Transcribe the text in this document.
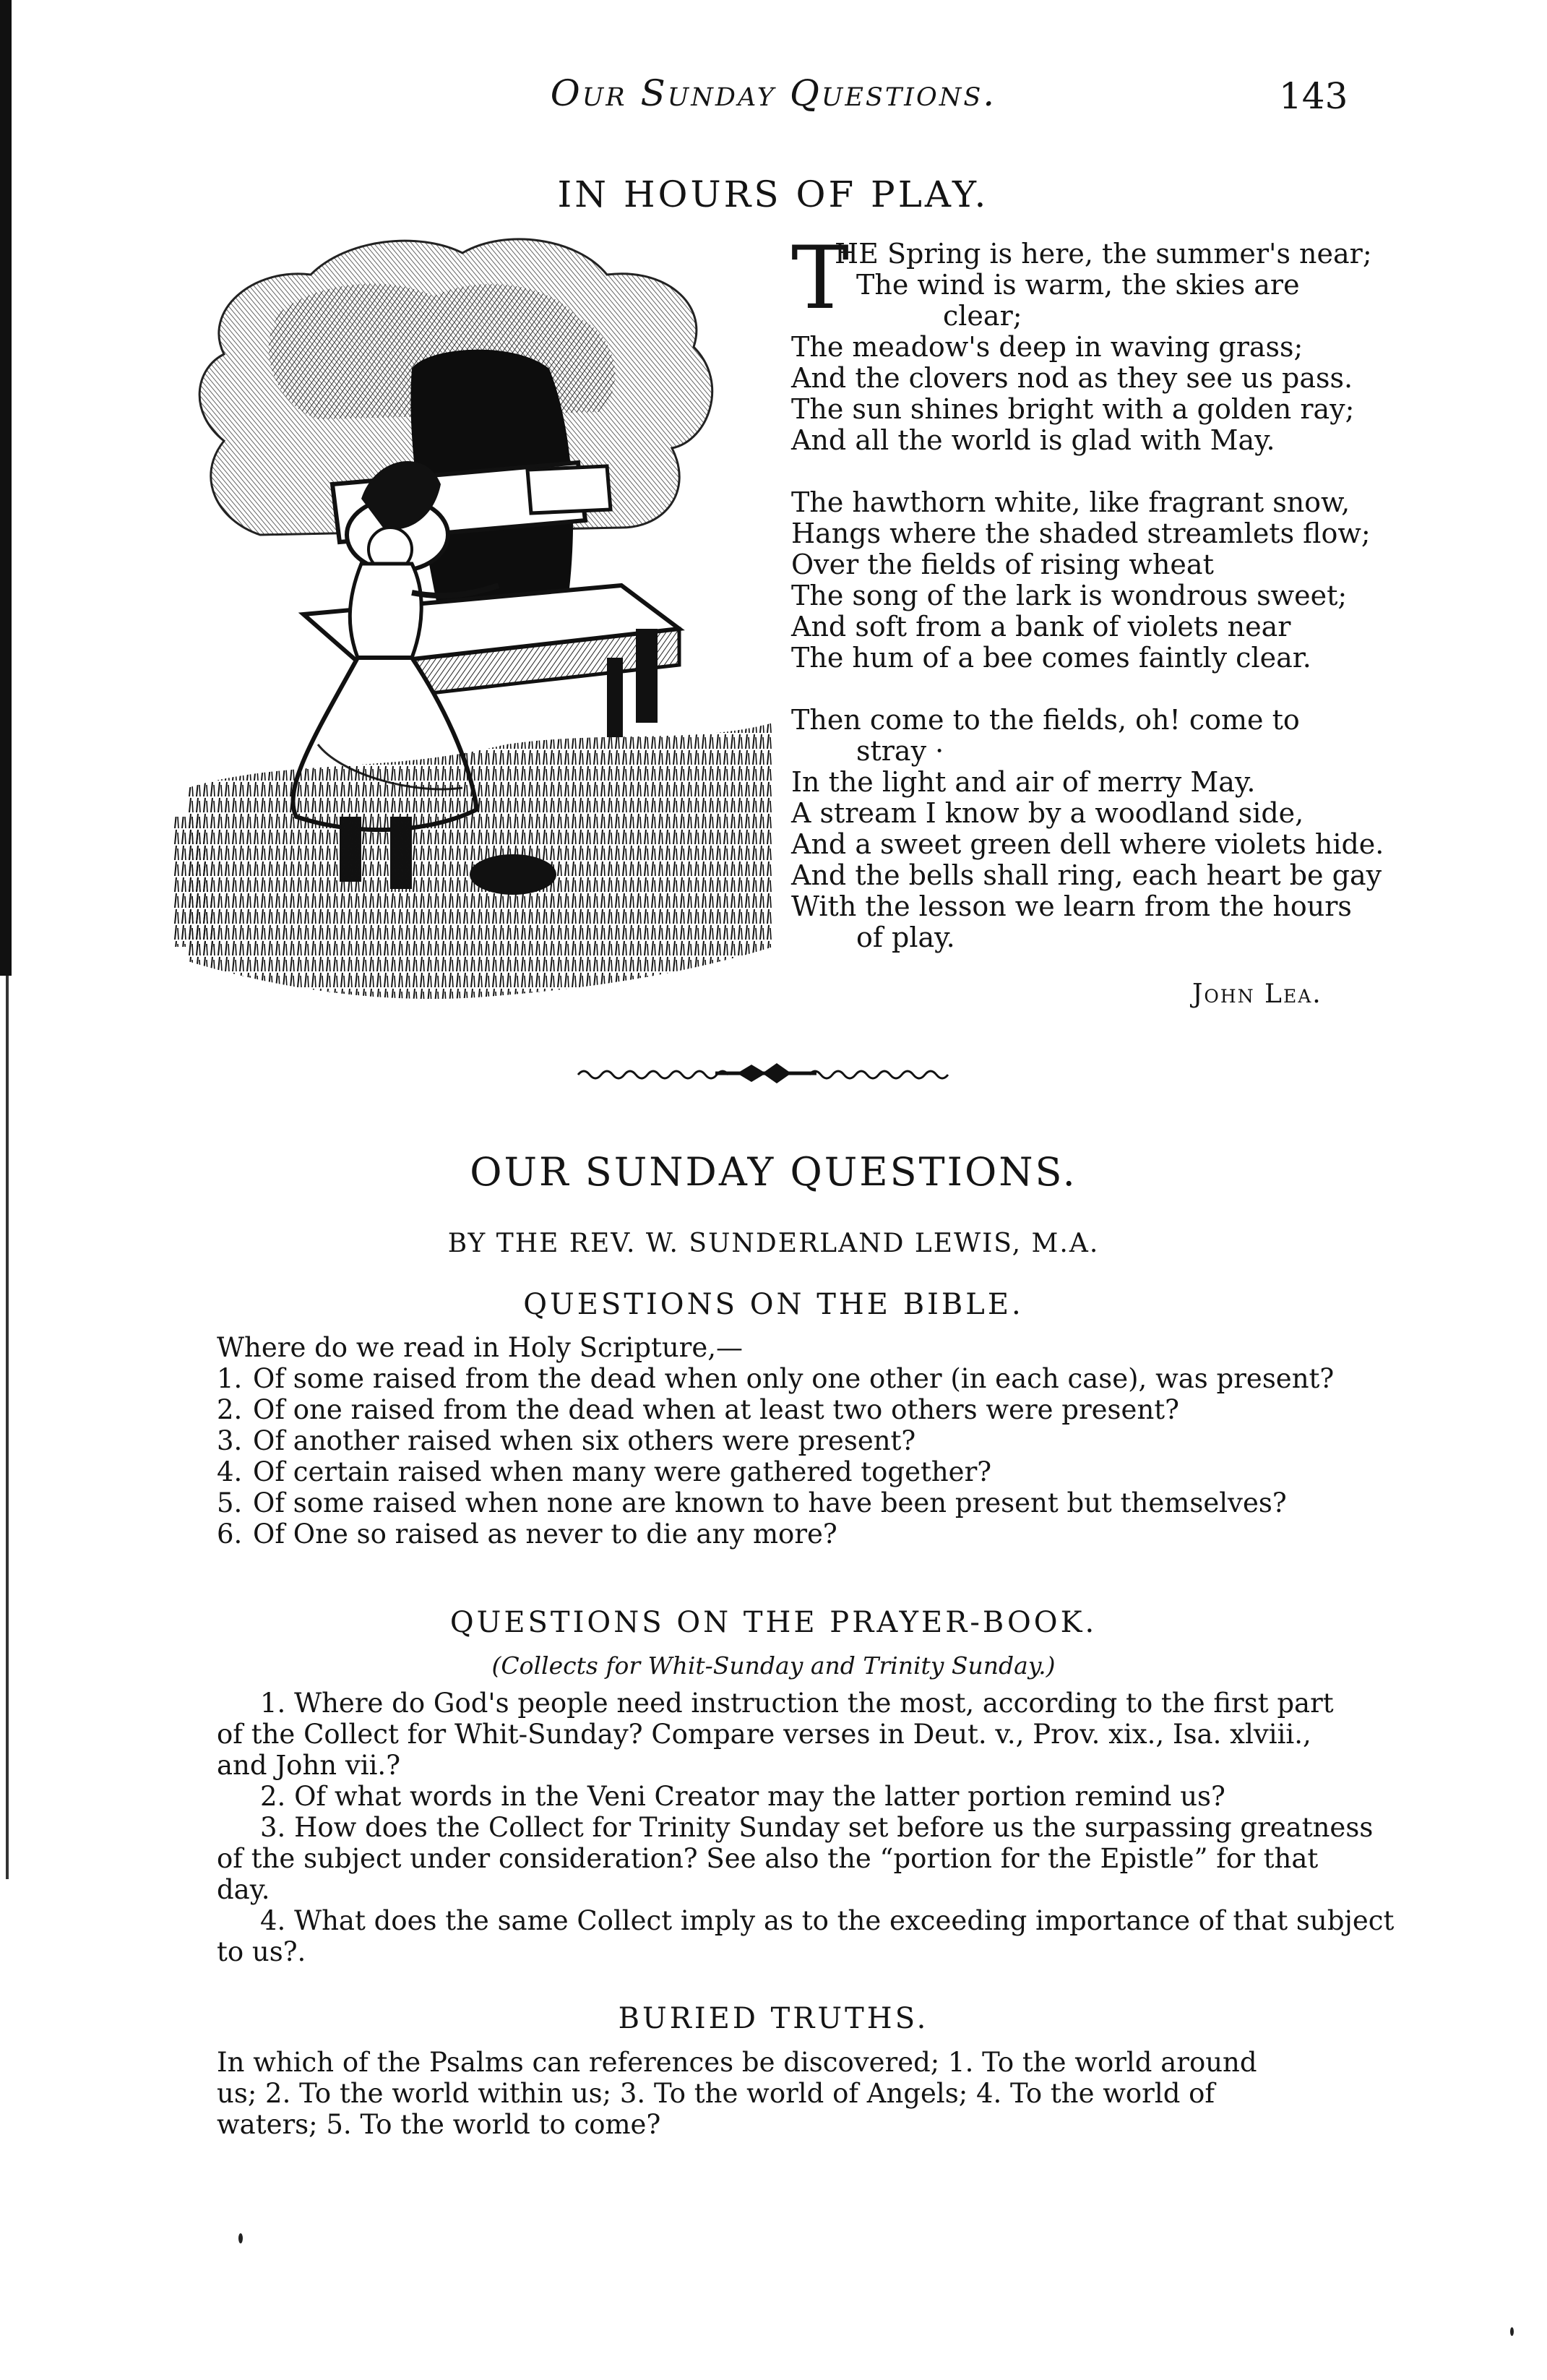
Our Sunday Questions.	143
IN HOURS OF PLAY.
T
HE Spring is here, the summer's near;
The wind is warm, the skies are
clear;
The meadow's deep in waving grass;
And the clovers nod as they see us pass.
The sun shines bright with a golden ray;
And all the world is glad with May.
The hawthorn white, like fragrant snow,
Hangs where the shaded streamlets flow;
Over the fields of rising wheat
The song of the lark is wondrous sweet;
And soft from a bank of violets near
The hum of a bee comes faintly clear.
Then come to the fields, oh! come to
stray ·
In the light and air of merry May.
A stream I know by a woodland side,
And a sweet green dell where violets hide.
And the bells shall ring, each heart be gay
With the lesson we learn from the hours
of play.
John Lea.
OUR SUNDAY QUESTIONS.
BY THE REV. W. SUNDERLAND LEWIS, M.A.
QUESTIONS ON THE BIBLE.
Where do we read in Holy Scripture,—
1. Of some raised from the dead when only one other (in each case), was present?
2. Of one raised from the dead when at least two others were present?
3. Of another raised when six others were present?
4. Of certain raised when many were gathered together?
5. Of some raised when none are known to have been present but themselves?
6. Of One so raised as never to die any more?
QUESTIONS ON THE PRAYER-BOOK.
(Collects for Whit-Sunday and Trinity Sunday.)
1. Where do God's people need instruction the most, according to the first part
of the Collect for Whit-Sunday? Compare verses in Deut. v., Prov. xix., Isa. xlviii.,
and John vii.?
2. Of what words in the Veni Creator may the latter portion remind us?
3. How does the Collect for Trinity Sunday set before us the surpassing greatness
of the subject under consideration? See also the “portion for the Epistle” for that
day.
4. What does the same Collect imply as to the exceeding importance of that subject
to us?.
BURIED TRUTHS.
In which of the Psalms can references be discovered; 1. To the world around
us; 2. To the world within us; 3. To the world of Angels; 4. To the world of
waters; 5. To the world to come?
